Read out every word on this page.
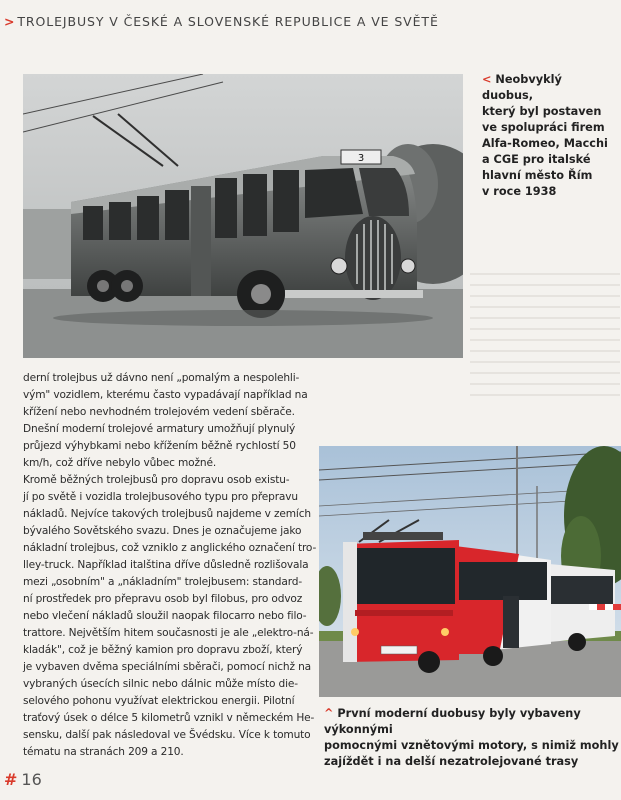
> TROLEJBUSY V ČESKÉ A SLOVENSKÉ REPUBLICE A VE SVĚTĚ
3
< Neobvyklý duobus,
který byl postaven
ve spolupráci firem
Alfa-Romeo, Macchi
a CGE pro italské
hlavní město Řím
v roce 1938
derní trolejbus už dávno není „pomalým a nespolehli-
vým" vozidlem, kterému často vypadávají například na
křížení nebo nevhodném trolejovém vedení sběrače.
Dnešní moderní trolejové armatury umožňují plynulý
průjezd výhybkami nebo křížením běžně rychlostí 50
km/h, což dříve nebylo vůbec možné.
Kromě běžných trolejbusů pro dopravu osob existu-
jí po světě i vozidla trolejbusového typu pro přepravu
nákladů. Nejvíce takových trolejbusů najdeme v zemích
bývalého Sovětského svazu. Dnes je označujeme jako
nákladní trolejbus, což vzniklo z anglického označení tro-
lley-truck. Například italština dříve důsledně rozlišovala
mezi „osobním" a „nákladním" trolejbusem: standard-
ní prostředek pro přepravu osob byl filobus, pro odvoz
nebo vlečení nákladů sloužil naopak filocarro nebo filo-
trattore. Největším hitem současnosti je ale „elektro-ná-
kladák", což je běžný kamion pro dopravu zboží, který
je vybaven dvěma speciálními sběrači, pomocí nichž na
vybraných úsecích silnic nebo dálnic může místo die-
selového pohonu využívat elektrickou energii. Pilotní
traťový úsek o délce 5 kilometrů vznikl v německém He-
sensku, další pak následoval ve Švédsku. Více k tomuto
tématu na stranách 209 a 210.
^ První moderní duobusy byly vybaveny výkonnými
pomocnými vznětovými motory, s nimiž mohly
zajíždět i na delší nezatrolejované trasy
# 16
